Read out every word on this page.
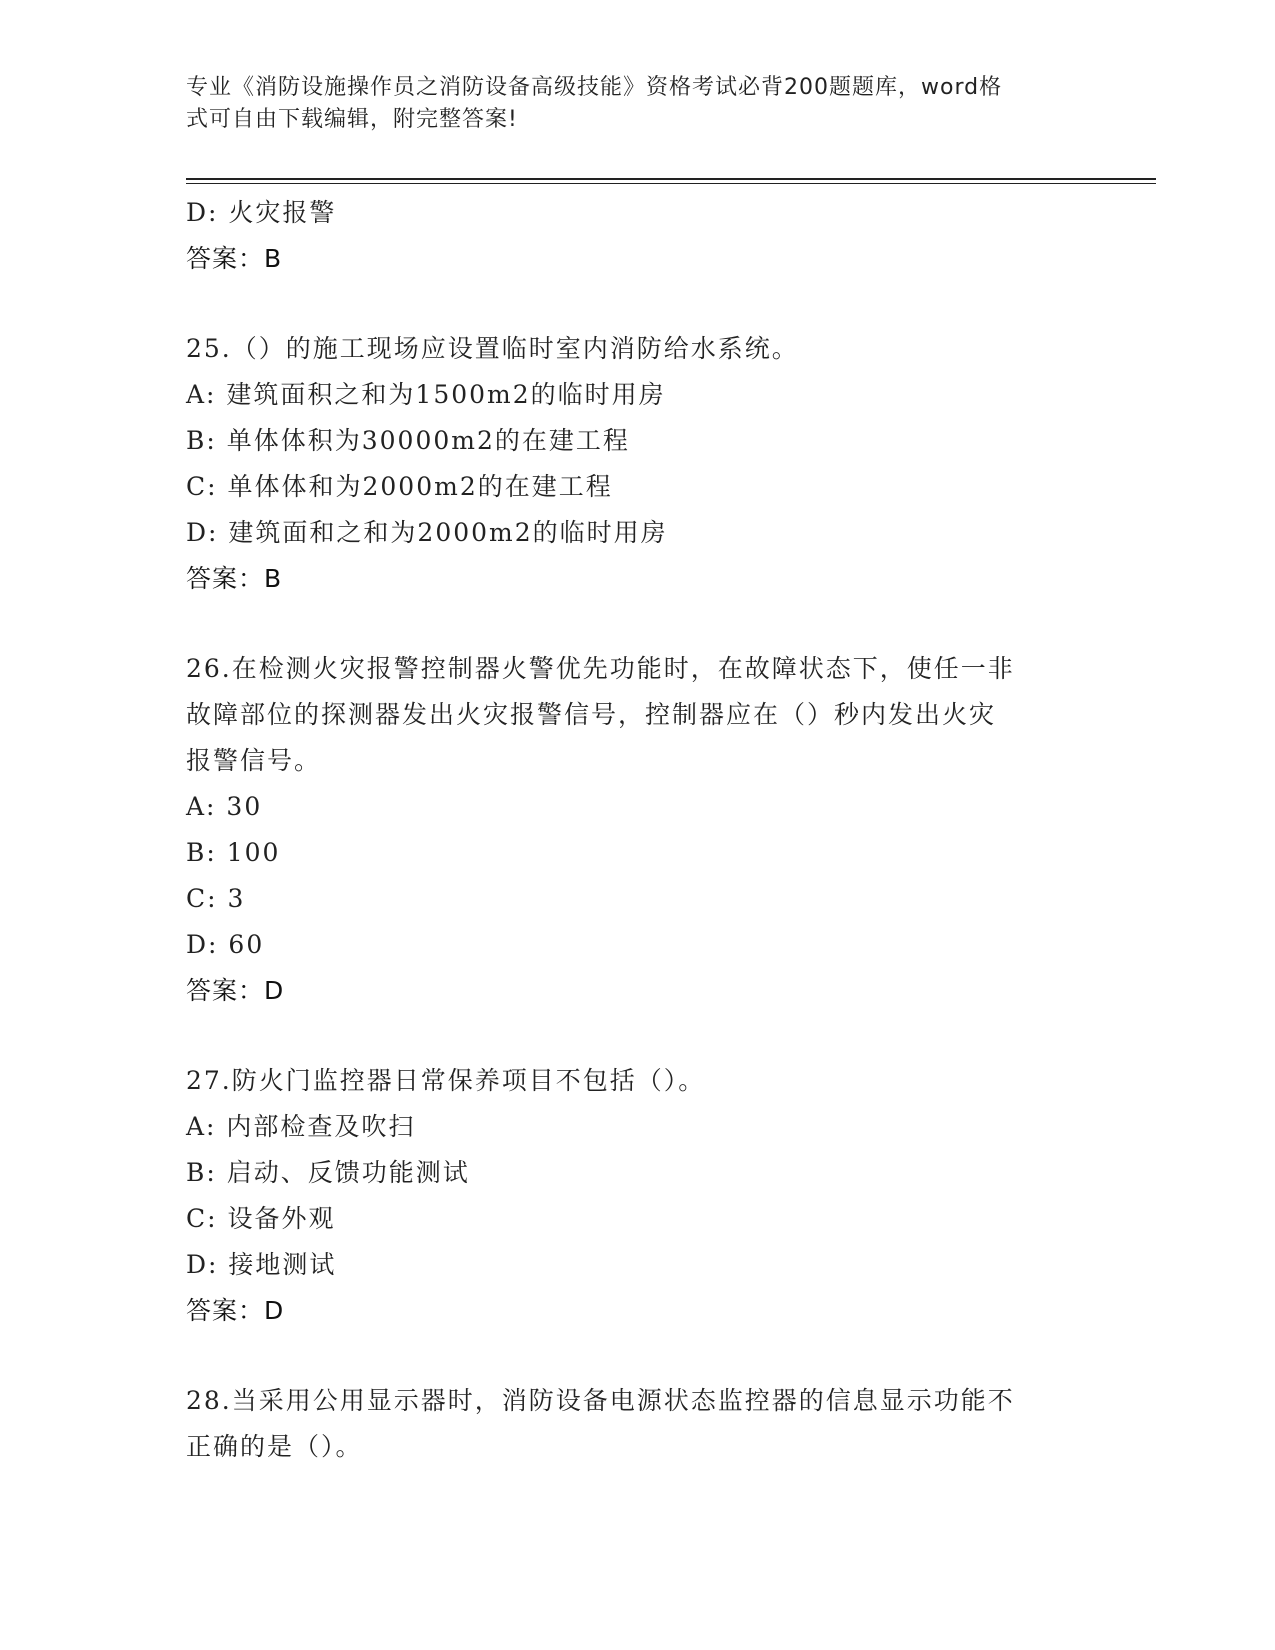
专业《消防设施操作员之消防设备高级技能》资格考试必背200题题库，word格
式可自由下载编辑，附完整答案!
D: 火灾报警
答案：B
25.（）的施工现场应设置临时室内消防给水系统。
A: 建筑面积之和为1500m2的临时用房
B: 单体体积为30000m2的在建工程
C: 单体体和为2000m2的在建工程
D: 建筑面和之和为2000m2的临时用房
答案：B
26.在检测火灾报警控制器火警优先功能时，在故障状态下，使任一非
故障部位的探测器发出火灾报警信号，控制器应在（）秒内发出火灾
报警信号。
A: 30
B: 100
C: 3
D: 60
答案：D
27.防火门监控器日常保养项目不包括（）。
A: 内部检查及吹扫
B: 启动、反馈功能测试
C: 设备外观
D: 接地测试
答案：D
28.当采用公用显示器时，消防设备电源状态监控器的信息显示功能不
正确的是（）。
